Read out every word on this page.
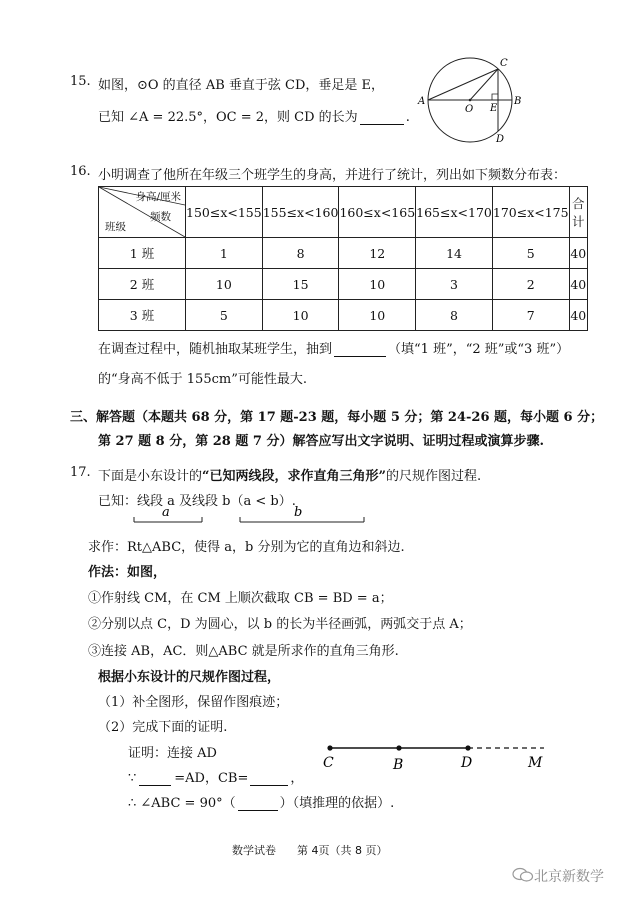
15. 如图，⊙O 的直径 AB 垂直于弦 CD，垂足是 E，
已知 ∠A = 22.5°，OC = 2，则 CD 的长为	.
A	B
C
D
E
O
16. 小明调查了他所在年级三个班学生的身高，并进行了统计，列出如下频数分布表：
身高/厘米
频数
班级	150≤x<155	155≤x<160	160≤x<165	165≤x<170	170≤x<175	合计
1 班	1	8	12	14	5	40
2 班	10	15	10	3	2	40
3 班	5	10	10	8	7	40
在调查过程中，随机抽取某班学生，抽到	（填“1 班”，“2 班”或“3 班”）
的“身高不低于 155cm”可能性最大.
三、解答题（本题共 68 分，第 17 题-23 题，每小题 5 分；第 24-26 题，每小题 6 分；
第 27 题 8 分，第 28 题 7 分）解答应写出文字说明、证明过程或演算步骤.
17. 下面是小东设计的“已知两线段，求作直角三角形”的尺规作图过程.
已知：线段 a 及线段 b（a < b）.
a	b
求作：Rt△ABC，使得 a，b 分别为它的直角边和斜边.
作法：如图，
①作射线 CM，在 CM 上顺次截取 CB = BD = a；
②分别以点 C，D 为圆心，以 b 的长为半径画弧，两弧交于点 A；
③连接 AB，AC．则△ABC 就是所求作的直角三角形.
根据小东设计的尺规作图过程，
（1）补全图形，保留作图痕迹；
（2）完成下面的证明.
证明：连接 AD
∵	=AD，CB=	，
∴ ∠ABC = 90°（	）（填推理的依据）.
C	B	D	M
数学试卷 第 4页（共 8 页）
北京新数学
